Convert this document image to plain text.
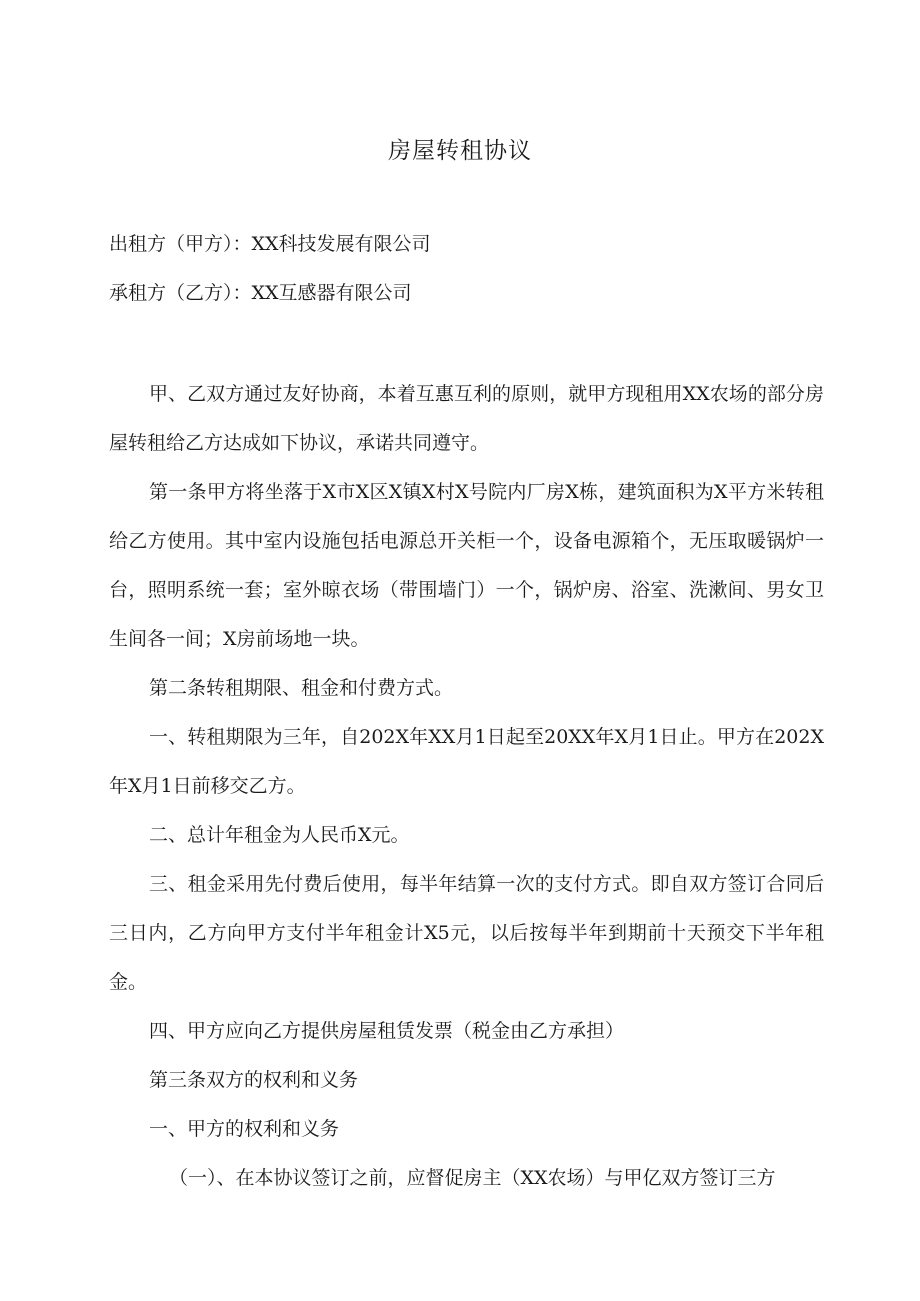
房屋转租协议
出租方（甲方）：XX科技发展有限公司
承租方（乙方）：XX互感器有限公司

甲、乙双方通过友好协商，本着互惠互利的原则，就甲方现租用XX农场的部分房屋转租给乙方达成如下协议，承诺共同遵守。

第一条甲方将坐落于X市X区X镇X村X号院内厂房X栋，建筑面积为X平方米转租给乙方使用。其中室内设施包括电源总开关柜一个，设备电源箱个，无压取暖锅炉一台，照明系统一套；室外晾衣场（带围墙门）一个，锅炉房、浴室、洗漱间、男女卫生间各一间；X房前场地一块。

第二条转租期限、租金和付费方式。

一、转租期限为三年，自202X年XX月1日起至20XX年X月1日止。甲方在202X年X月1日前移交乙方。

二、总计年租金为人民币X元。

三、租金采用先付费后使用，每半年结算一次的支付方式。即自双方签订合同后三日内，乙方向甲方支付半年租金计X5元，以后按每半年到期前十天预交下半年租金。

四、甲方应向乙方提供房屋租赁发票（税金由乙方承担）

第三条双方的权利和义务

一、甲方的权利和义务

（一）、在本协议签订之前，应督促房主（XX农场）与甲亿双方签订三方
